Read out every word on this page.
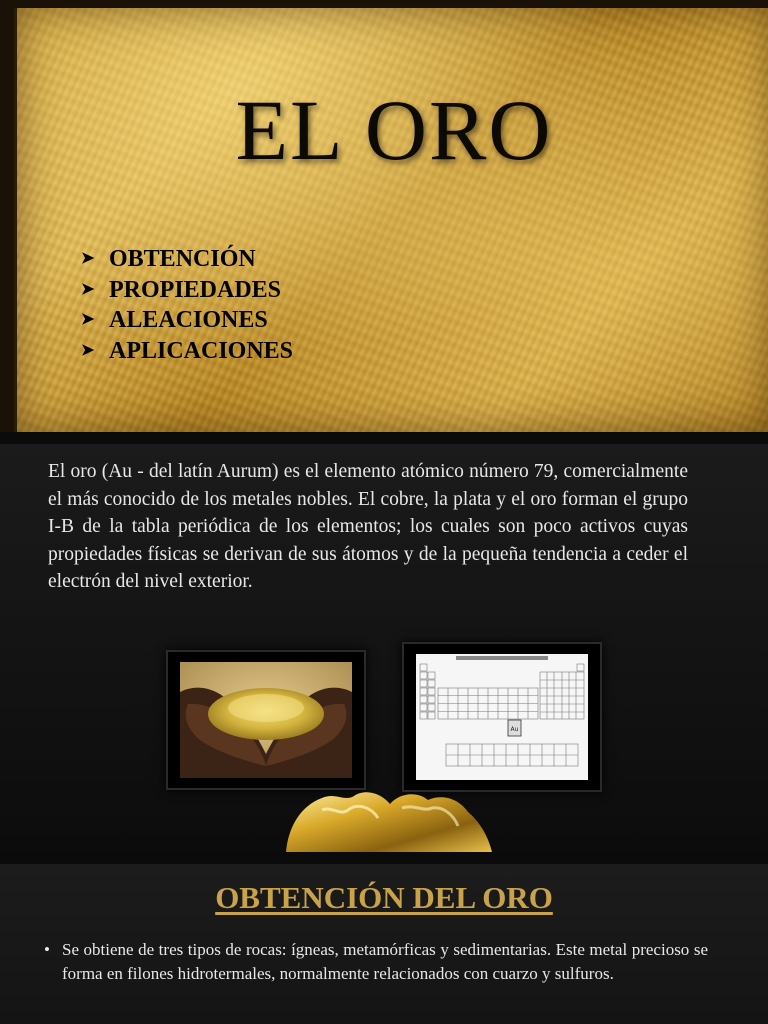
EL ORO
➤ OBTENCIÓN
➤ PROPIEDADES
➤ ALEACIONES
➤ APLICACIONES

El oro (Au - del latín Aurum) es el elemento atómico número 79, comercialmente el más conocido de los metales nobles. El cobre, la plata y el oro forman el grupo I-B de la tabla periódica de los elementos; los cuales son poco activos cuyas propiedades físicas se derivan de sus átomos y de la pequeña tendencia a ceder el electrón del nivel exterior.

Au
OBTENCIÓN DEL ORO
• Se obtiene de tres tipos de rocas: ígneas, metamórficas y sedimentarias. Este metal precioso se forma en filones hidrotermales, normalmente relacionados con cuarzo y sulfuros.
